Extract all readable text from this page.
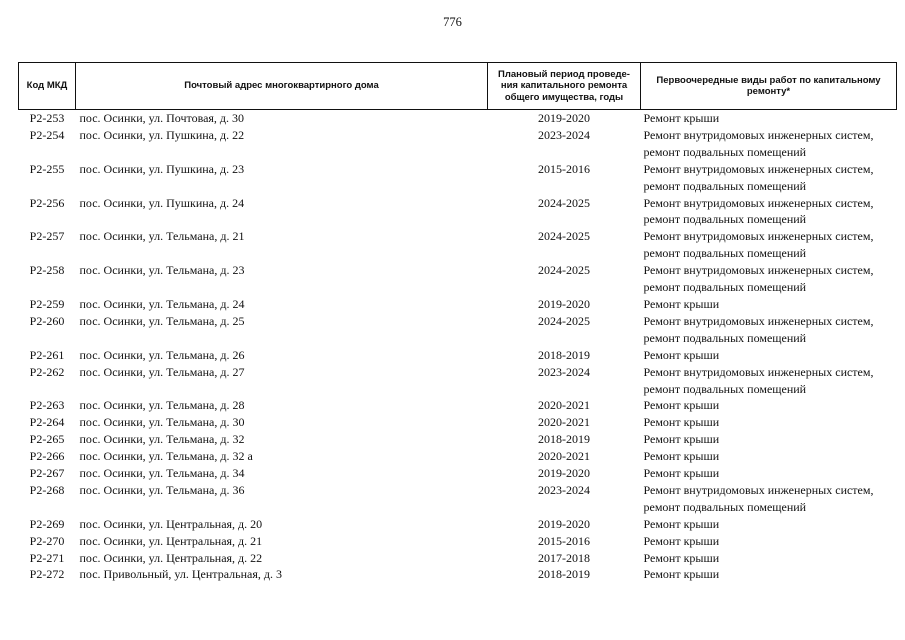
776
Код МКД	Почтовый адрес многоквартирного дома	Плановый период проведе-ния капитального ремонта общего имущества, годы	Первоочередные виды работ по капитальному ремонту*
Р2-253	пос. Осинки, ул. Почтовая, д. 30	2019-2020	Ремонт крыши

Р2-254	пос. Осинки, ул. Пушкина, д. 22	2023-2024	Ремонт внутридомовых инженерных систем,
ремонт подвальных помещений

Р2-255	пос. Осинки, ул. Пушкина, д. 23	2015-2016	Ремонт внутридомовых инженерных систем,
ремонт подвальных помещений

Р2-256	пос. Осинки, ул. Пушкина, д. 24	2024-2025	Ремонт внутридомовых инженерных систем,
ремонт подвальных помещений

Р2-257	пос. Осинки, ул. Тельмана, д. 21	2024-2025	Ремонт внутридомовых инженерных систем,
ремонт подвальных помещений

Р2-258	пос. Осинки, ул. Тельмана, д. 23	2024-2025	Ремонт внутридомовых инженерных систем,
ремонт подвальных помещений

Р2-259	пос. Осинки, ул. Тельмана, д. 24	2019-2020	Ремонт крыши

Р2-260	пос. Осинки, ул. Тельмана, д. 25	2024-2025	Ремонт внутридомовых инженерных систем,
ремонт подвальных помещений

Р2-261	пос. Осинки, ул. Тельмана, д. 26	2018-2019	Ремонт крыши

Р2-262	пос. Осинки, ул. Тельмана, д. 27	2023-2024	Ремонт внутридомовых инженерных систем,
ремонт подвальных помещений

Р2-263	пос. Осинки, ул. Тельмана, д. 28	2020-2021	Ремонт крыши

Р2-264	пос. Осинки, ул. Тельмана, д. 30	2020-2021	Ремонт крыши

Р2-265	пос. Осинки, ул. Тельмана, д. 32	2018-2019	Ремонт крыши

Р2-266	пос. Осинки, ул. Тельмана, д. 32 а	2020-2021	Ремонт крыши

Р2-267	пос. Осинки, ул. Тельмана, д. 34	2019-2020	Ремонт крыши

Р2-268	пос. Осинки, ул. Тельмана, д. 36	2023-2024	Ремонт внутридомовых инженерных систем,
ремонт подвальных помещений

Р2-269	пос. Осинки, ул. Центральная, д. 20	2019-2020	Ремонт крыши

Р2-270	пос. Осинки, ул. Центральная, д. 21	2015-2016	Ремонт крыши

Р2-271	пос. Осинки, ул. Центральная, д. 22	2017-2018	Ремонт крыши

Р2-272	пос. Привольный, ул. Центральная, д. 3	2018-2019	Ремонт крыши
